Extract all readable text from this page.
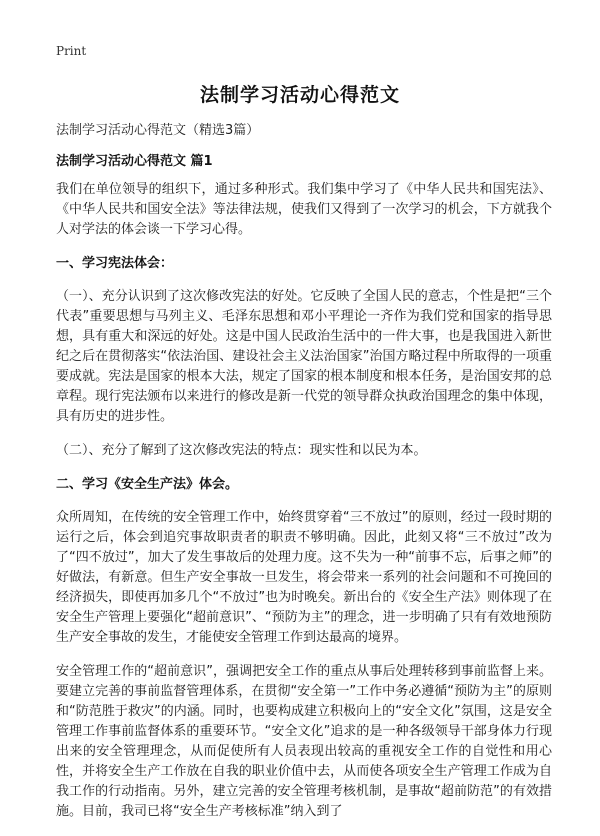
Print
法制学习活动心得范文
法制学习活动心得范文（精选3篇）
法制学习活动心得范文 篇1

我们在单位领导的组织下，通过多种形式。我们集中学习了《中华人民共和国宪法》、《中华人民共和国安全法》等法律法规，使我们又得到了一次学习的机会，下方就我个人对学法的体会谈一下学习心得。

一、学习宪法体会：

（一）、充分认识到了这次修改宪法的好处。它反映了全国人民的意志，个性是把“三个代表”重要思想与马列主义、毛泽东思想和邓小平理论一齐作为我们党和国家的指导思想，具有重大和深远的好处。这是中国人民政治生活中的一件大事，也是我国进入新世纪之后在贯彻落实“依法治国、建设社会主义法治国家”治国方略过程中所取得的一项重要成就。宪法是国家的根本大法，规定了国家的根本制度和根本任务，是治国安邦的总章程。现行宪法颁布以来进行的修改是新一代党的领导群众执政治国理念的集中体现，具有历史的进步性。

（二）、充分了解到了这次修改宪法的特点：现实性和以民为本。

二、学习《安全生产法》体会。

众所周知，在传统的安全管理工作中，始终贯穿着“三不放过”的原则，经过一段时期的运行之后，体会到追究事故职责者的职责不够明确。因此，此刻又将“三不放过”改为了“四不放过”，加大了发生事故后的处理力度。这不失为一种“前事不忘，后事之师”的好做法，有新意。但生产安全事故一旦发生，将会带来一系列的社会问题和不可挽回的经济损失，即使再加多几个“不放过”也为时晚矣。新出台的《安全生产法》则体现了在安全生产管理上要强化“超前意识”、“预防为主”的理念，进一步明确了只有有效地预防生产安全事故的发生，才能使安全管理工作到达最高的境界。

安全管理工作的“超前意识”，强调把安全工作的重点从事后处理转移到事前监督上来。要建立完善的事前监督管理体系，在贯彻“安全第一”工作中务必遵循“预防为主”的原则和“防范胜于救灾”的内涵。同时，也要构成建立积极向上的“安全文化”氛围，这是安全管理工作事前监督体系的重要环节。“安全文化”追求的是一种各级领导干部身体力行现出来的安全管理理念，从而促使所有人员表现出较高的重视安全工作的自觉性和用心性，并将安全生产工作放在自我的职业价值中去，从而使各项安全生产管理工作成为自我工作的行动指南。另外，建立完善的安全管理考核机制，是事故“超前防范”的有效措施。目前，我司已将“安全生产考核标准”纳入到了
